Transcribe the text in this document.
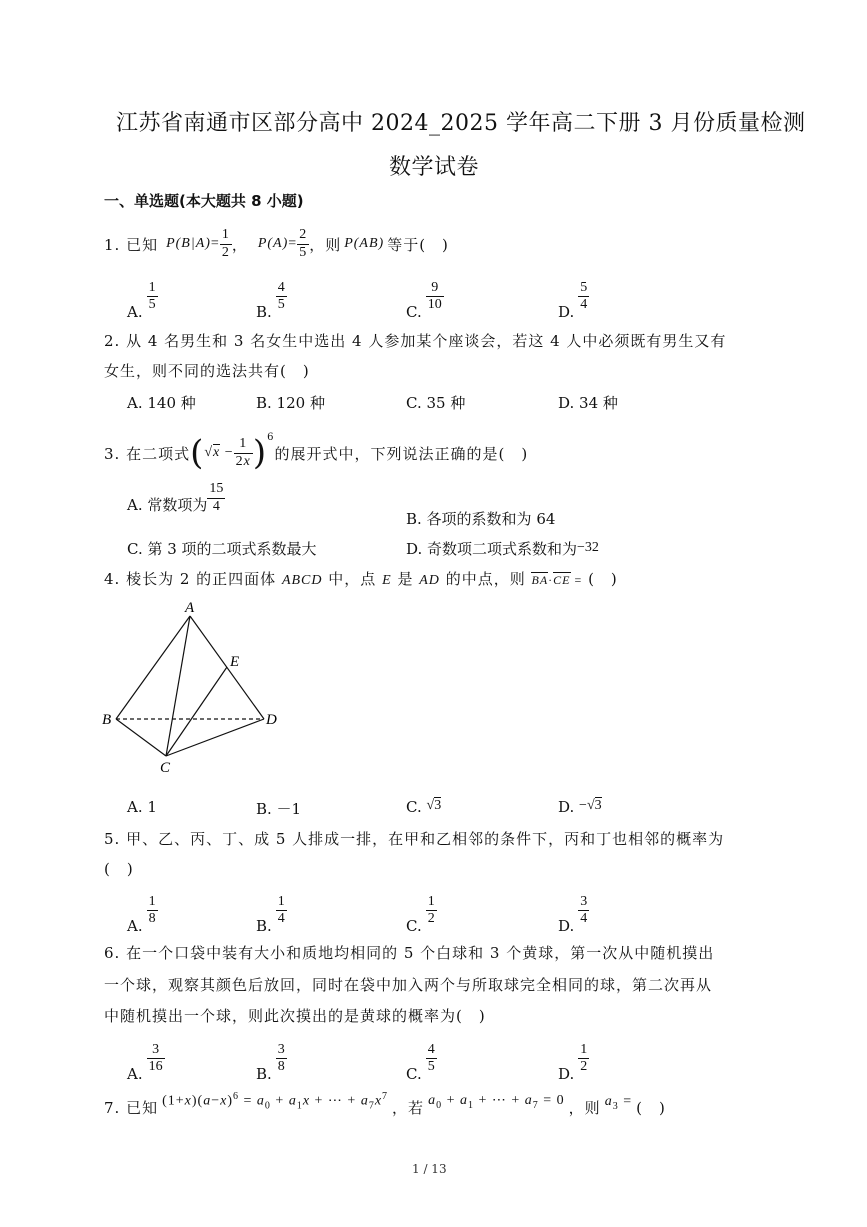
江苏省南通市区部分高中 2024_2025 学年高二下册 3 月份质量检测
数学试卷
一、单选题(本大题共 8 小题)
1. 已知 $P(B|A)= \frac{1}{2}$ ， $P(A)= \frac{2}{5}$ ，则 P(AB) 等于(　)
A. $\frac{1}{5}$	B. $\frac{4}{5}$	C. $\frac{9}{10}$	D. $\frac{5}{4}$
2. 从 4 名男生和 3 名女生中选出 4 人参加某个座谈会，若这 4 人中必须既有男生又有
女生，则不同的选法共有(　)
A. 140 种	B. 120 种	C. 35 种	D. 34 种
3. 在二项式 ( $√x - \frac{1}{2x}$ ) 6
的展开式中，下列说法正确的是(　)
A. 常数项为 $\frac{15}{4}$
B. 各项的系数和为 64
C. 第 3 项的二项式系数最大	D. 奇数项二项式系数和为−32
4. 棱长为 2 的正四面体 ABCD 中，点 E 是 AD 的中点，则 BA·CE = (　)
A
B
C
D
E
A. 1	B. －1	C. √3	D. −√3
5. 甲、乙、丙、丁、成 5 人排成一排，在甲和乙相邻的条件下，丙和丁也相邻的概率为
(　)
A. $\frac{1}{8}$	B. $\frac{1}{4}$	C. $\frac{1}{2}$	D. $\frac{3}{4}$
6. 在一个口袋中装有大小和质地均相同的 5 个白球和 3 个黄球，第一次从中随机摸出
一个球，观察其颜色后放回，同时在袋中加入两个与所取球完全相同的球，第二次再从
中随机摸出一个球，则此次摸出的是黄球的概率为(　)
A. $\frac{3}{16}$	B. $\frac{3}{8}$	C. $\frac{4}{5}$	D. $\frac{1}{2}$
7. 已知 $(1+x)(a-x)^6 = a_0 + a_1x$ + ⋯ + $a_7x^7$
，若 $a_0 + a_1$ + ⋯ + $a_7 = 0$ ，则 $a_3$ = (　)
1 / 13
